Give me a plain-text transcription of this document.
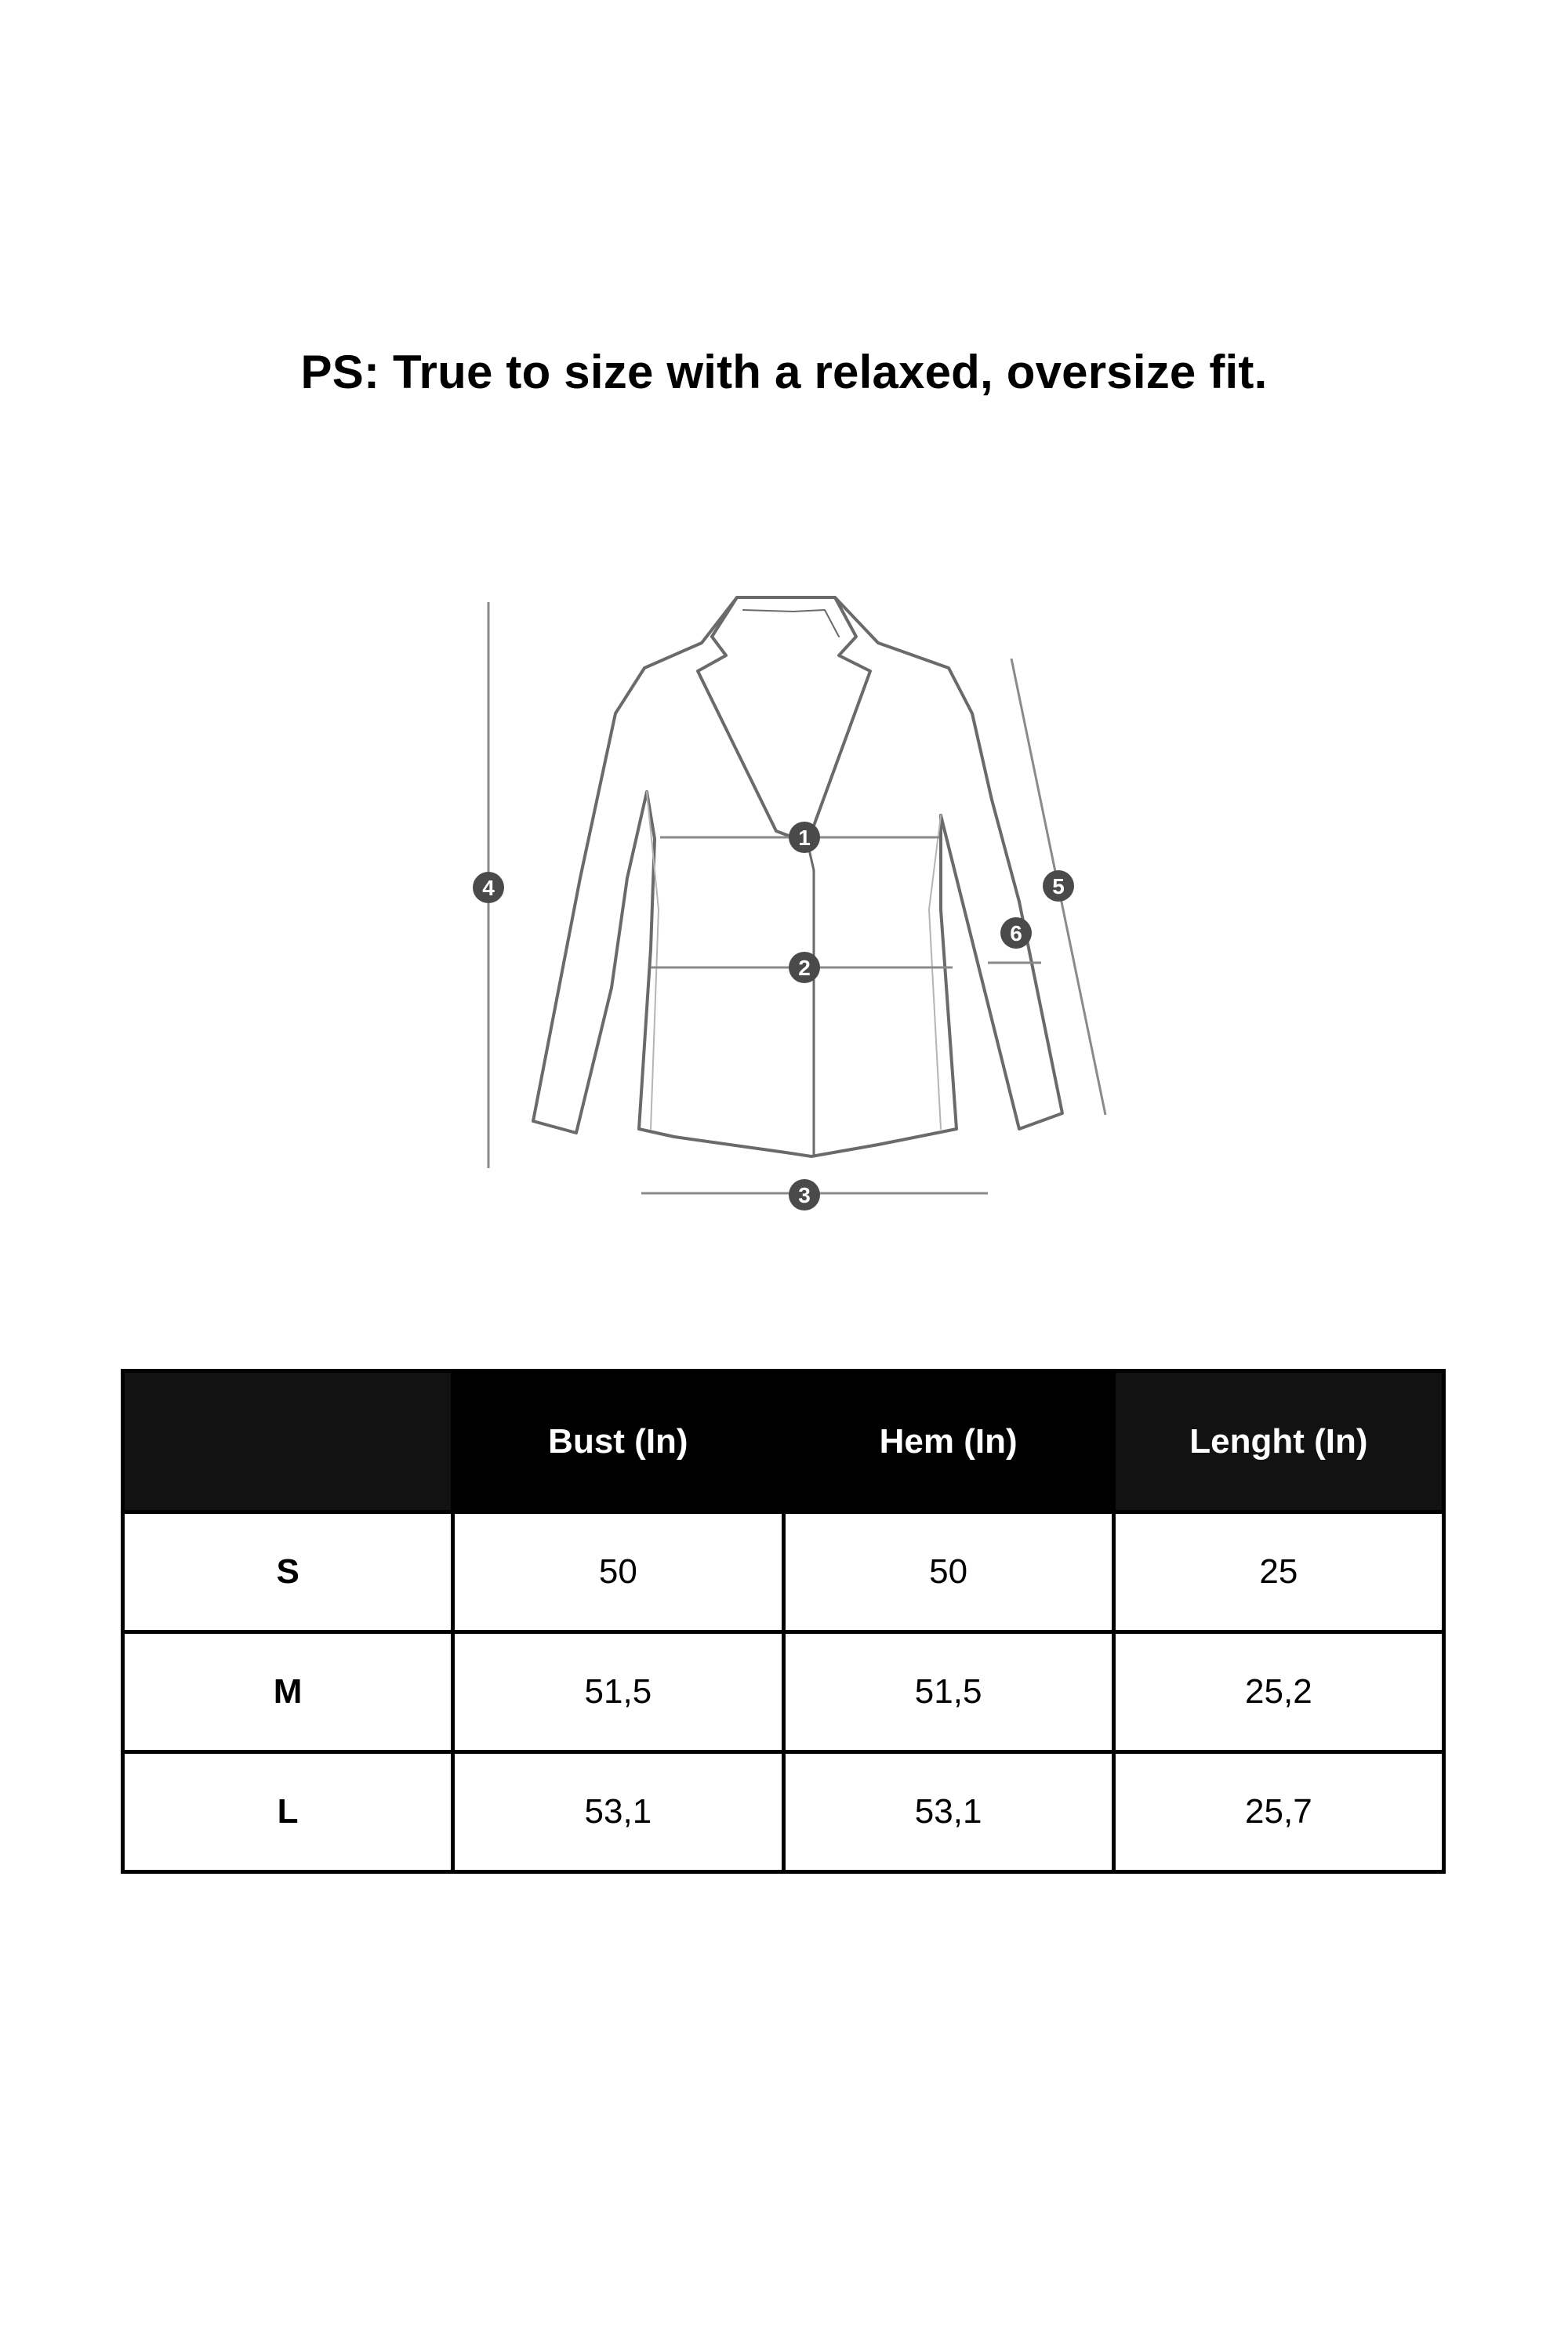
PS: True to size with a relaxed, oversize fit.
1
2
3
4	5
6
	Bust (In)	Hem (In)	Lenght (In)
S	50	50	25
M	51,5	51,5	25,2
L	53,1	53,1	25,7
